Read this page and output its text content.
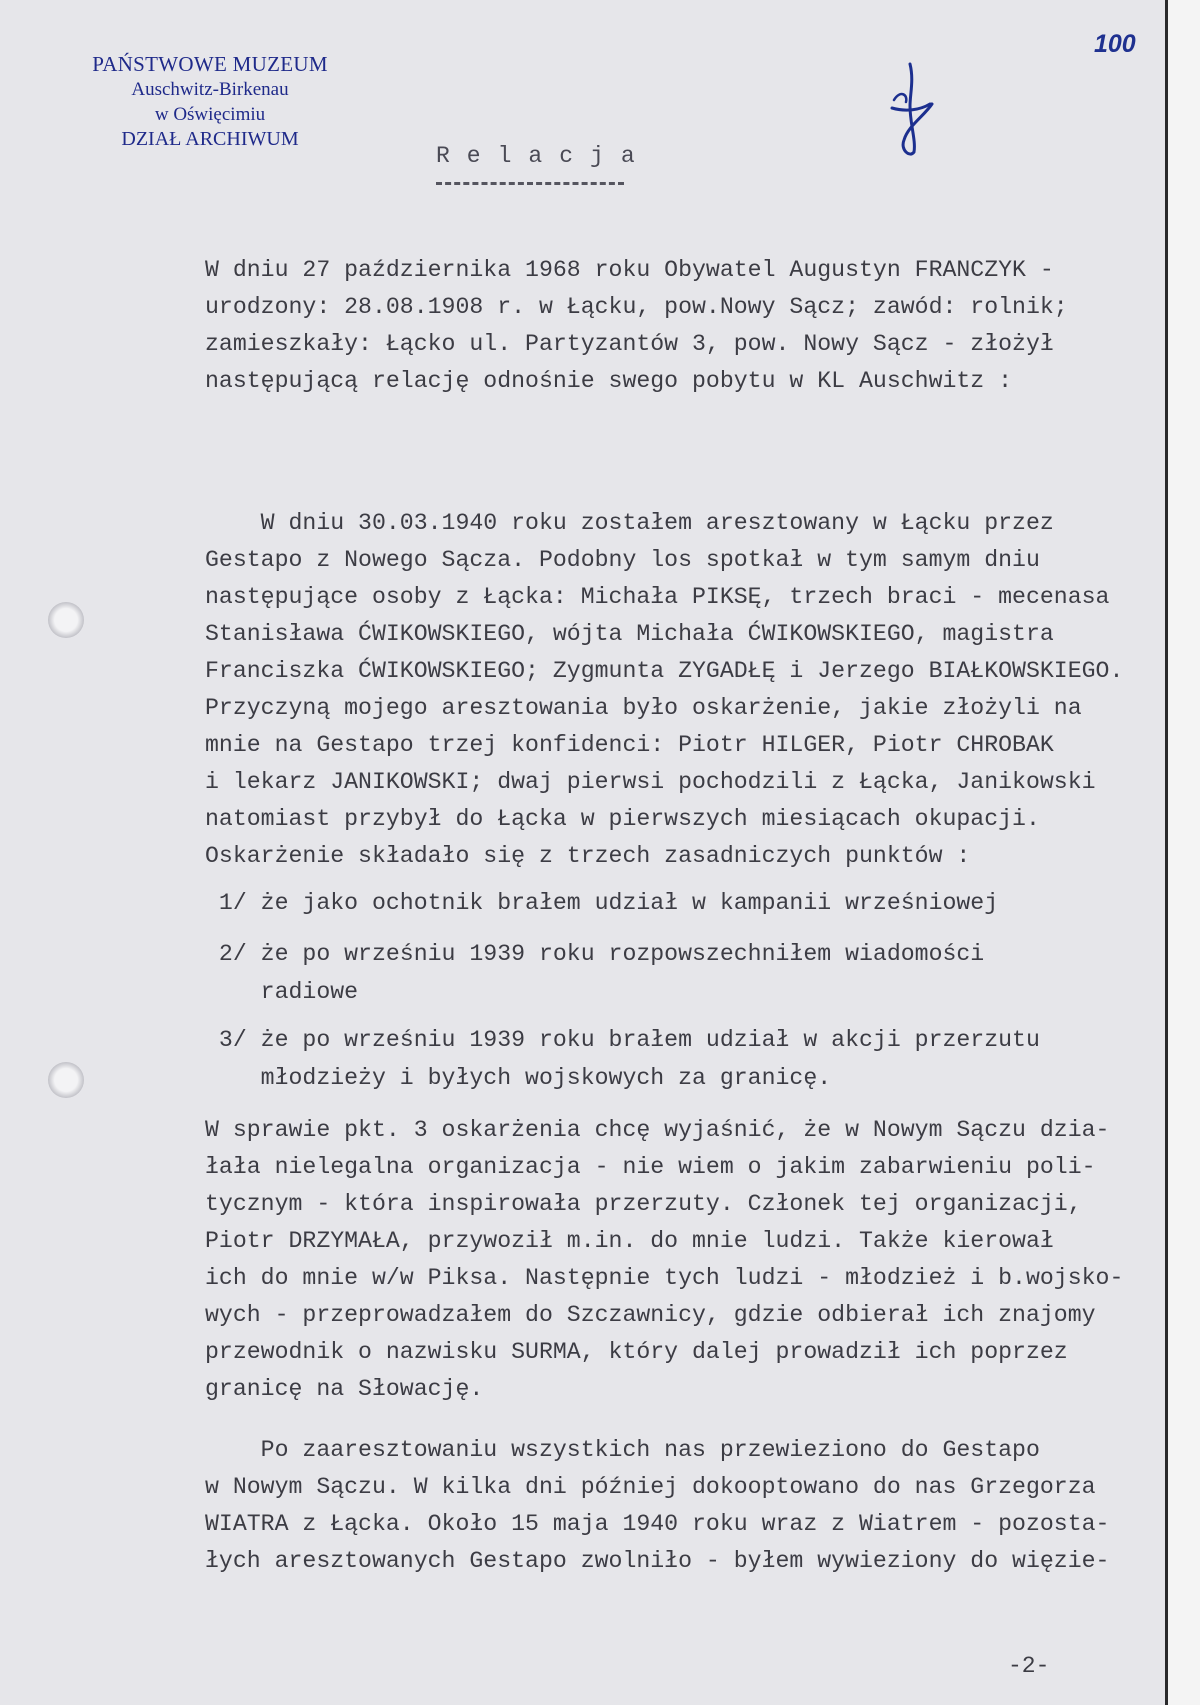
PAŃSTWOWE MUZEUM
Auschwitz-Birkenau
w Oświęcimiu
DZIAŁ ARCHIWUM
100
Relacja
W dniu 27 października 1968 roku Obywatel Augustyn FRANCZYK -
urodzony: 28.08.1908 r. w Łącku, pow.Nowy Sącz; zawód: rolnik;
zamieszkały: Łącko ul. Partyzantów 3, pow. Nowy Sącz - złożył
następującą relację odnośnie swego pobytu w KL Auschwitz :
W dniu 30.03.1940 roku zostałem aresztowany w Łącku przez
Gestapo z Nowego Sącza. Podobny los spotkał w tym samym dniu
następujące osoby z Łącka: Michała PIKSĘ, trzech braci - mecenasa
Stanisława ĆWIKOWSKIEGO, wójta Michała ĆWIKOWSKIEGO, magistra
Franciszka ĆWIKOWSKIEGO; Zygmunta ZYGADŁĘ i Jerzego BIAŁKOWSKIEGO.
Przyczyną mojego aresztowania było oskarżenie, jakie złożyli na
mnie na Gestapo trzej konfidenci: Piotr HILGER, Piotr CHROBAK
i lekarz JANIKOWSKI; dwaj pierwsi pochodzili z Łącka, Janikowski
natomiast przybył do Łącka w pierwszych miesiącach okupacji.
Oskarżenie składało się z trzech zasadniczych punktów :
1/ że jako ochotnik brałem udział w kampanii wrześniowej
2/ że po wrześniu 1939 roku rozpowszechniłem wiadomości
radiowe
3/ że po wrześniu 1939 roku brałem udział w akcji przerzutu
młodzieży i byłych wojskowych za granicę.
W sprawie pkt. 3 oskarżenia chcę wyjaśnić, że w Nowym Sączu dzia-
łała nielegalna organizacja - nie wiem o jakim zabarwieniu poli-
tycznym - która inspirowała przerzuty. Członek tej organizacji,
Piotr DRZYMAŁA, przywoził m.in. do mnie ludzi. Także kierował
ich do mnie w/w Piksa. Następnie tych ludzi - młodzież i b.wojsko-
wych - przeprowadzałem do Szczawnicy, gdzie odbierał ich znajomy
przewodnik o nazwisku SURMA, który dalej prowadził ich poprzez
granicę na Słowację.
Po zaaresztowaniu wszystkich nas przewieziono do Gestapo
w Nowym Sączu. W kilka dni później dokooptowano do nas Grzegorza
WIATRA z Łącka. Około 15 maja 1940 roku wraz z Wiatrem - pozosta-
łych aresztowanych Gestapo zwolniło - byłem wywieziony do więzie-
-2-
